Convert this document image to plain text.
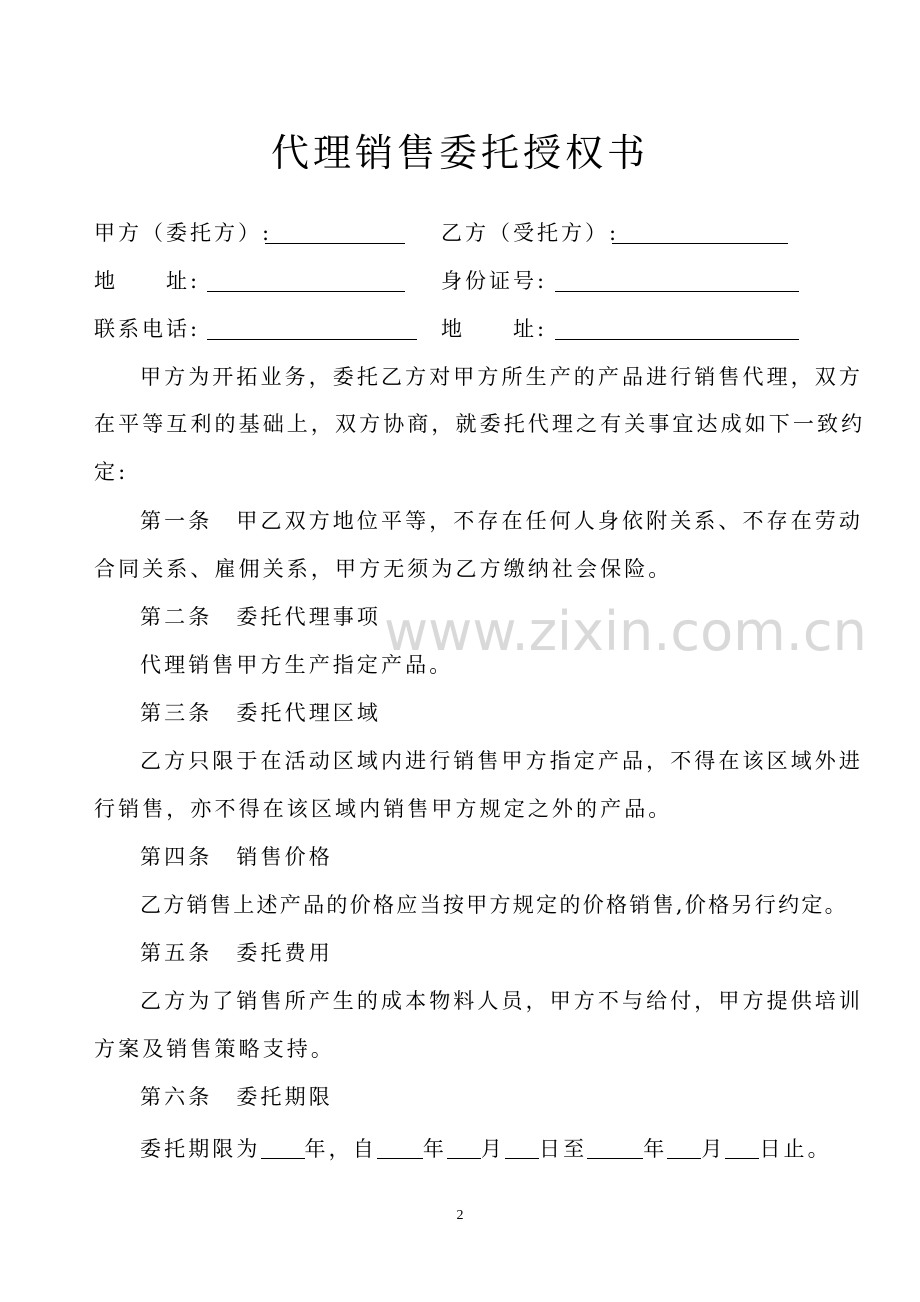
代理销售委托授权书
甲方（委托方）:	乙方（受托方）:
地　　址:	身份证号:
联系电话:	地　　址:
甲方为开拓业务，委托乙方对甲方所生产的产品进行销售代理，双方
在平等互利的基础上，双方协商，就委托代理之有关事宜达成如下一致约
定:
第一条　甲乙双方地位平等，不存在任何人身依附关系、不存在劳动
合同关系、雇佣关系，甲方无须为乙方缴纳社会保险。
第二条　委托代理事项
代理销售甲方生产指定产品。
第三条　委托代理区域
乙方只限于在活动区域内进行销售甲方指定产品，不得在该区域外进
行销售，亦不得在该区域内销售甲方规定之外的产品。
第四条　销售价格
乙方销售上述产品的价格应当按甲方规定的价格销售,价格另行约定。
第五条　委托费用
乙方为了销售所产生的成本物料人员，甲方不与给付，甲方提供培训
方案及销售策略支持。
第六条　委托期限
委托期限为 年，自 年 月 日至	年 月 日止。
www.zixin.com.cn
2
